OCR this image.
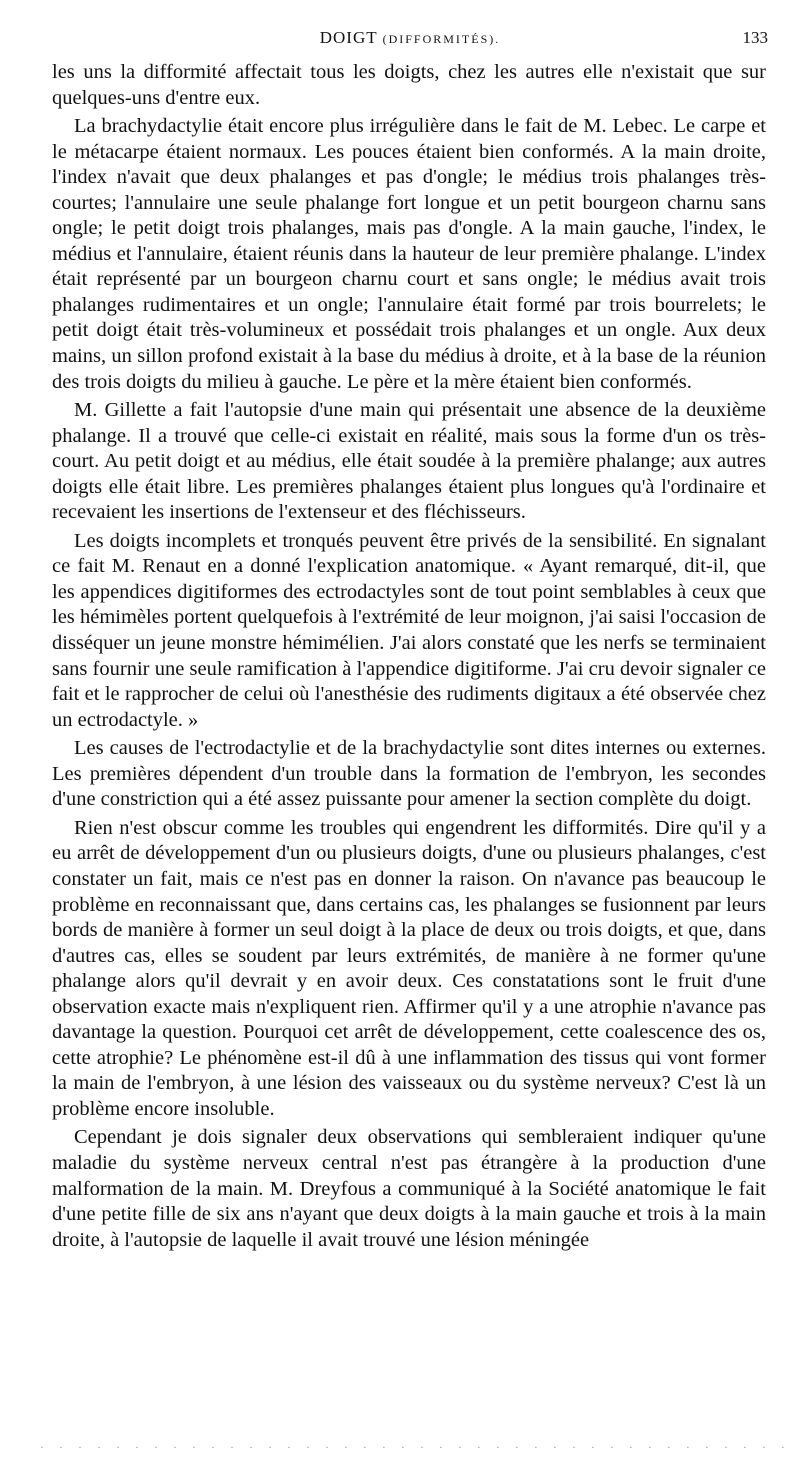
DOIGT (DIFFORMITÉS).	133

les uns la difformité affectait tous les doigts, chez les autres elle n'existait que sur quelques-uns d'entre eux.

La brachydactylie était encore plus irrégulière dans le fait de M. Lebec. Le carpe et le métacarpe étaient normaux. Les pouces étaient bien conformés. A la main droite, l'index n'avait que deux phalanges et pas d'ongle; le médius trois phalanges très-courtes; l'annulaire une seule phalange fort longue et un petit bourgeon charnu sans ongle; le petit doigt trois phalanges, mais pas d'ongle. A la main gauche, l'index, le médius et l'annulaire, étaient réunis dans la hauteur de leur première phalange. L'index était représenté par un bourgeon charnu court et sans ongle; le médius avait trois phalanges rudimentaires et un ongle; l'annulaire était formé par trois bourrelets; le petit doigt était très-volumineux et possédait trois phalanges et un ongle. Aux deux mains, un sillon profond existait à la base du médius à droite, et à la base de la réunion des trois doigts du milieu à gauche. Le père et la mère étaient bien conformés.

M. Gillette a fait l'autopsie d'une main qui présentait une absence de la deuxième phalange. Il a trouvé que celle-ci existait en réalité, mais sous la forme d'un os très-court. Au petit doigt et au médius, elle était soudée à la première phalange; aux autres doigts elle était libre. Les premières phalanges étaient plus longues qu'à l'ordinaire et recevaient les insertions de l'extenseur et des fléchisseurs.

Les doigts incomplets et tronqués peuvent être privés de la sensibilité. En signalant ce fait M. Renaut en a donné l'explication anatomique. « Ayant remarqué, dit-il, que les appendices digitiformes des ectrodactyles sont de tout point semblables à ceux que les hémimèles portent quelquefois à l'extrémité de leur moignon, j'ai saisi l'occasion de disséquer un jeune monstre hémimélien. J'ai alors constaté que les nerfs se terminaient sans fournir une seule ramification à l'appendice digitiforme. J'ai cru devoir signaler ce fait et le rapprocher de celui où l'anesthésie des rudiments digitaux a été observée chez un ectrodactyle. »

Les causes de l'ectrodactylie et de la brachydactylie sont dites internes ou externes. Les premières dépendent d'un trouble dans la formation de l'embryon, les secondes d'une constriction qui a été assez puissante pour amener la section complète du doigt.

Rien n'est obscur comme les troubles qui engendrent les difformités. Dire qu'il y a eu arrêt de développement d'un ou plusieurs doigts, d'une ou plusieurs phalanges, c'est constater un fait, mais ce n'est pas en donner la raison. On n'avance pas beaucoup le problème en reconnaissant que, dans certains cas, les phalanges se fusionnent par leurs bords de manière à former un seul doigt à la place de deux ou trois doigts, et que, dans d'autres cas, elles se soudent par leurs extrémités, de manière à ne former qu'une phalange alors qu'il devrait y en avoir deux. Ces constatations sont le fruit d'une observation exacte mais n'expliquent rien. Affirmer qu'il y a une atrophie n'avance pas davantage la question. Pourquoi cet arrêt de développement, cette coalescence des os, cette atrophie? Le phénomène est-il dû à une inflammation des tissus qui vont former la main de l'embryon, à une lésion des vaisseaux ou du système nerveux? C'est là un problème encore insoluble.

Cependant je dois signaler deux observations qui sembleraient indiquer qu'une maladie du système nerveux central n'est pas étrangère à la production d'une malformation de la main. M. Dreyfous a communiqué à la Société anatomique le fait d'une petite fille de six ans n'ayant que deux doigts à la main gauche et trois à la main droite, à l'autopsie de laquelle il avait trouvé une lésion méningée

· · · · · · · · · · · · · · · · · · · · · · · · · · · · · · · · · · · · · · · ·
